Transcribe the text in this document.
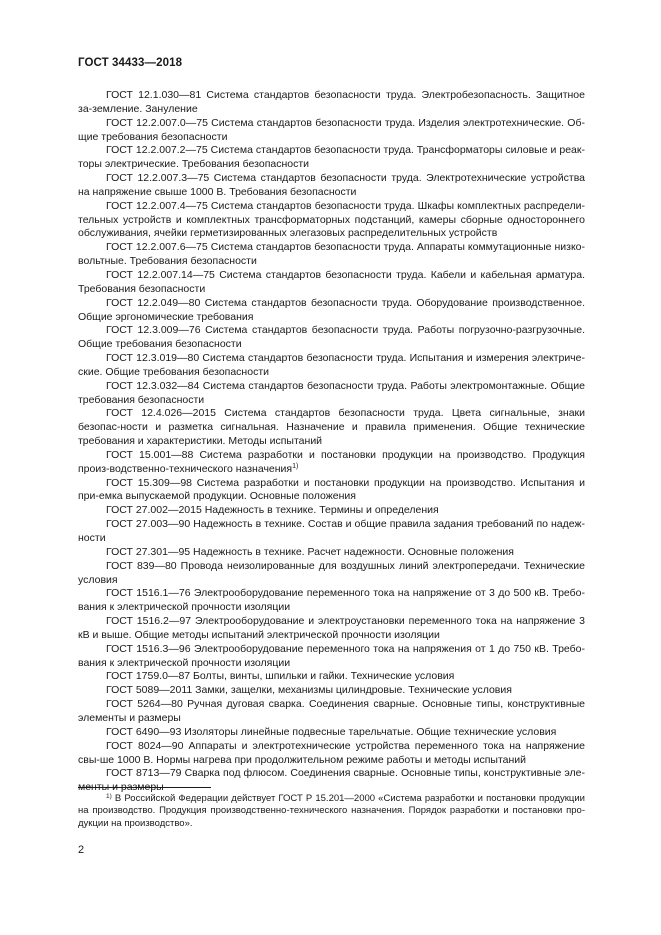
ГОСТ 34433—2018

ГОСТ 12.1.030—81 Система стандартов безопасности труда. Электробезопасность. Защитное за-земление. Зануление

ГОСТ 12.2.007.0—75 Система стандартов безопасности труда. Изделия электротехнические. Об-щие требования безопасности

ГОСТ 12.2.007.2—75 Система стандартов безопасности труда. Трансформаторы силовые и реак-торы электрические. Требования безопасности

ГОСТ 12.2.007.3—75 Система стандартов безопасности труда. Электротехнические устройства на напряжение свыше 1000 В. Требования безопасности

ГОСТ 12.2.007.4—75 Система стандартов безопасности труда. Шкафы комплектных распредели-тельных устройств и комплектных трансформаторных подстанций, камеры сборные одностороннего обслуживания, ячейки герметизированных элегазовых распределительных устройств

ГОСТ 12.2.007.6—75 Система стандартов безопасности труда. Аппараты коммутационные низко-вольтные. Требования безопасности

ГОСТ 12.2.007.14—75 Система стандартов безопасности труда. Кабели и кабельная арматура. Требования безопасности

ГОСТ 12.2.049—80 Система стандартов безопасности труда. Оборудование производственное. Общие эргономические требования

ГОСТ 12.3.009—76 Система стандартов безопасности труда. Работы погрузочно-разгрузочные. Общие требования безопасности

ГОСТ 12.3.019—80 Система стандартов безопасности труда. Испытания и измерения электриче-ские. Общие требования безопасности

ГОСТ 12.3.032—84 Система стандартов безопасности труда. Работы электромонтажные. Общие требования безопасности

ГОСТ 12.4.026—2015 Система стандартов безопасности труда. Цвета сигнальные, знаки безопас-ности и разметка сигнальная. Назначение и правила применения. Общие технические требования и характеристики. Методы испытаний

ГОСТ 15.001—88 Система разработки и постановки продукции на производство. Продукция произ-водственно-технического назначения$^{1)}$

ГОСТ 15.309—98 Система разработки и постановки продукции на производство. Испытания и при-емка выпускаемой продукции. Основные положения

ГОСТ 27.002—2015 Надежность в технике. Термины и определения

ГОСТ 27.003—90 Надежность в технике. Состав и общие правила задания требований по надеж-ности

ГОСТ 27.301—95 Надежность в технике. Расчет надежности. Основные положения

ГОСТ 839—80 Провода неизолированные для воздушных линий электропередачи. Технические условия

ГОСТ 1516.1—76 Электрооборудование переменного тока на напряжение от 3 до 500 кВ. Требо-вания к электрической прочности изоляции

ГОСТ 1516.2—97 Электрооборудование и электроустановки переменного тока на напряжение 3 кВ и выше. Общие методы испытаний электрической прочности изоляции

ГОСТ 1516.3—96 Электрооборудование переменного тока на напряжения от 1 до 750 кВ. Требо-вания к электрической прочности изоляции

ГОСТ 1759.0—87 Болты, винты, шпильки и гайки. Технические условия

ГОСТ 5089—2011 Замки, защелки, механизмы цилиндровые. Технические условия

ГОСТ 5264—80 Ручная дуговая сварка. Соединения сварные. Основные типы, конструктивные элементы и размеры

ГОСТ 6490—93 Изоляторы линейные подвесные тарельчатые. Общие технические условия

ГОСТ 8024—90 Аппараты и электротехнические устройства переменного тока на напряжение свы-ше 1000 В. Нормы нагрева при продолжительном режиме работы и методы испытаний

ГОСТ 8713—79 Сварка под флюсом. Соединения сварные. Основные типы, конструктивные эле-менты и размеры

$^{1)}$ В Российской Федерации действует ГОСТ Р 15.201—2000 «Система разработки и постановки продукции на производство. Продукция производственно-технического назначения. Порядок разработки и постановки про-дукции на производство».

2
